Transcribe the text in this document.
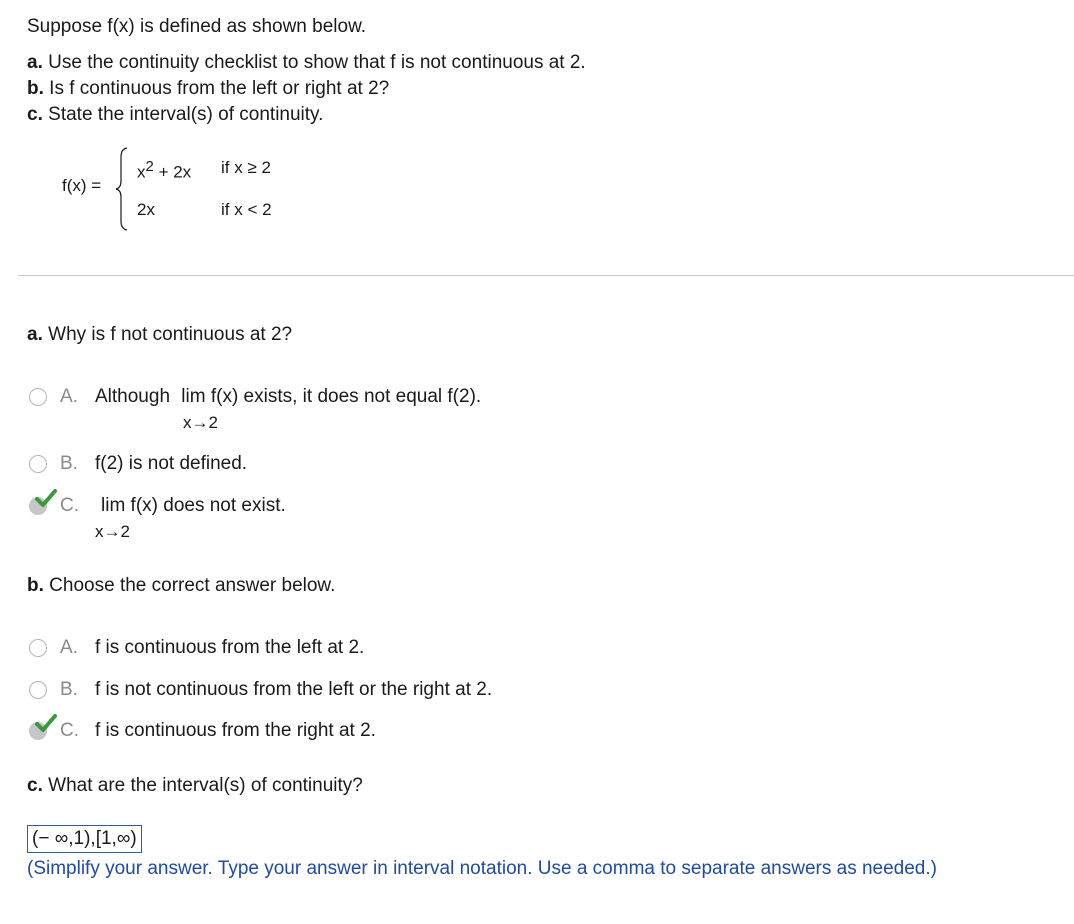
Suppose f(x) is defined as shown below.
a. Use the continuity checklist to show that f is not continuous at 2.
b. Is f continuous from the left or right at 2?
c. State the interval(s) of continuity.
f(x) =
$x^2 + 2x$ if x ≥ 2
2x	if x < 2
a. Why is f not continuous at 2?
A. Although lim f(x) exists, it does not equal f(2).
x→2
B. f(2) is not defined.
C. lim f(x) does not exist.
x→2
b. Choose the correct answer below.
A. f is continuous from the left at 2.
B. f is not continuous from the left or the right at 2.
C. f is continuous from the right at 2.
c. What are the interval(s) of continuity?
(− ∞,1),[1,∞)
(Simplify your answer. Type your answer in interval notation. Use a comma to separate answers as needed.)
